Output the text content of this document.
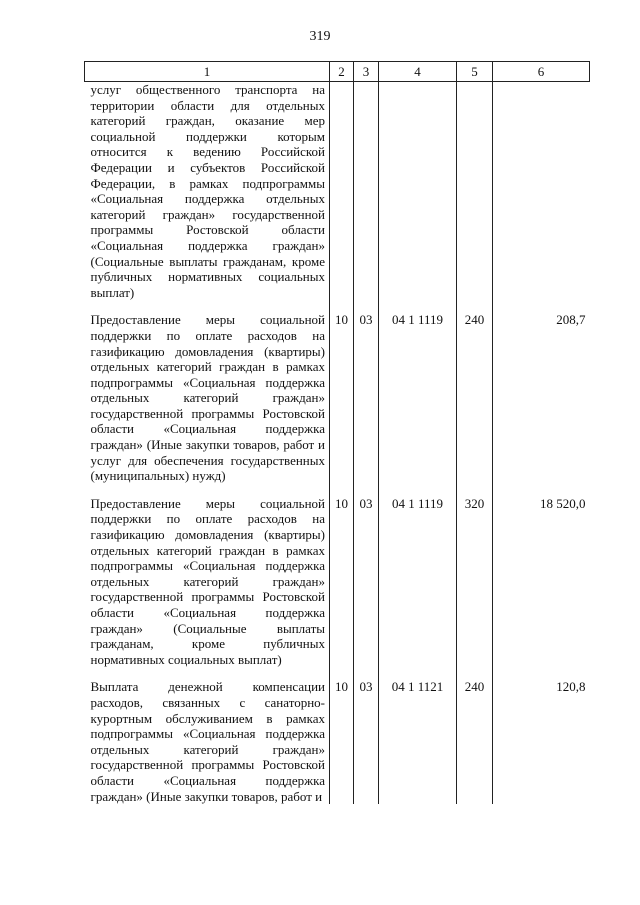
319
1	2	3	4	5	6
услуг общественного транспорта на территории области для отдельных категорий граждан, оказание мер социальной поддержки которым относится к ведению Российской Федерации и субъектов Российской Федерации, в рамках подпрограммы «Социальная поддержка отдельных категорий граждан» государственной программы Ростовской области «Социальная поддержка граждан» (Социальные выплаты гражданам, кроме публичных нормативных социальных выплат)					
Предоставление меры социальной поддержки по оплате расходов на газификацию домовладения (квартиры) отдельных категорий граждан в рамках подпрограммы «Социальная поддержка отдельных категорий граждан» государственной программы Ростовской области «Социальная поддержка граждан» (Иные закупки товаров, работ и услуг для обеспечения государственных (муниципальных) нужд)	10	03	04 1 1119	240	208,7
Предоставление меры социальной поддержки по оплате расходов на газификацию домовладения (квартиры) отдельных категорий граждан в рамках подпрограммы «Социальная поддержка отдельных категорий граждан» государственной программы Ростовской области «Социальная поддержка граждан» (Социальные выплаты гражданам, кроме публичных нормативных социальных выплат)	10	03	04 1 1119	320	18 520,0
Выплата денежной компенсации расходов, связанных с санаторно-курортным обслуживанием в рамках подпрограммы «Социальная поддержка отдельных категорий граждан» государственной программы Ростовской области «Социальная поддержка граждан» (Иные закупки товаров, работ и	10	03	04 1 1121	240	120,8
